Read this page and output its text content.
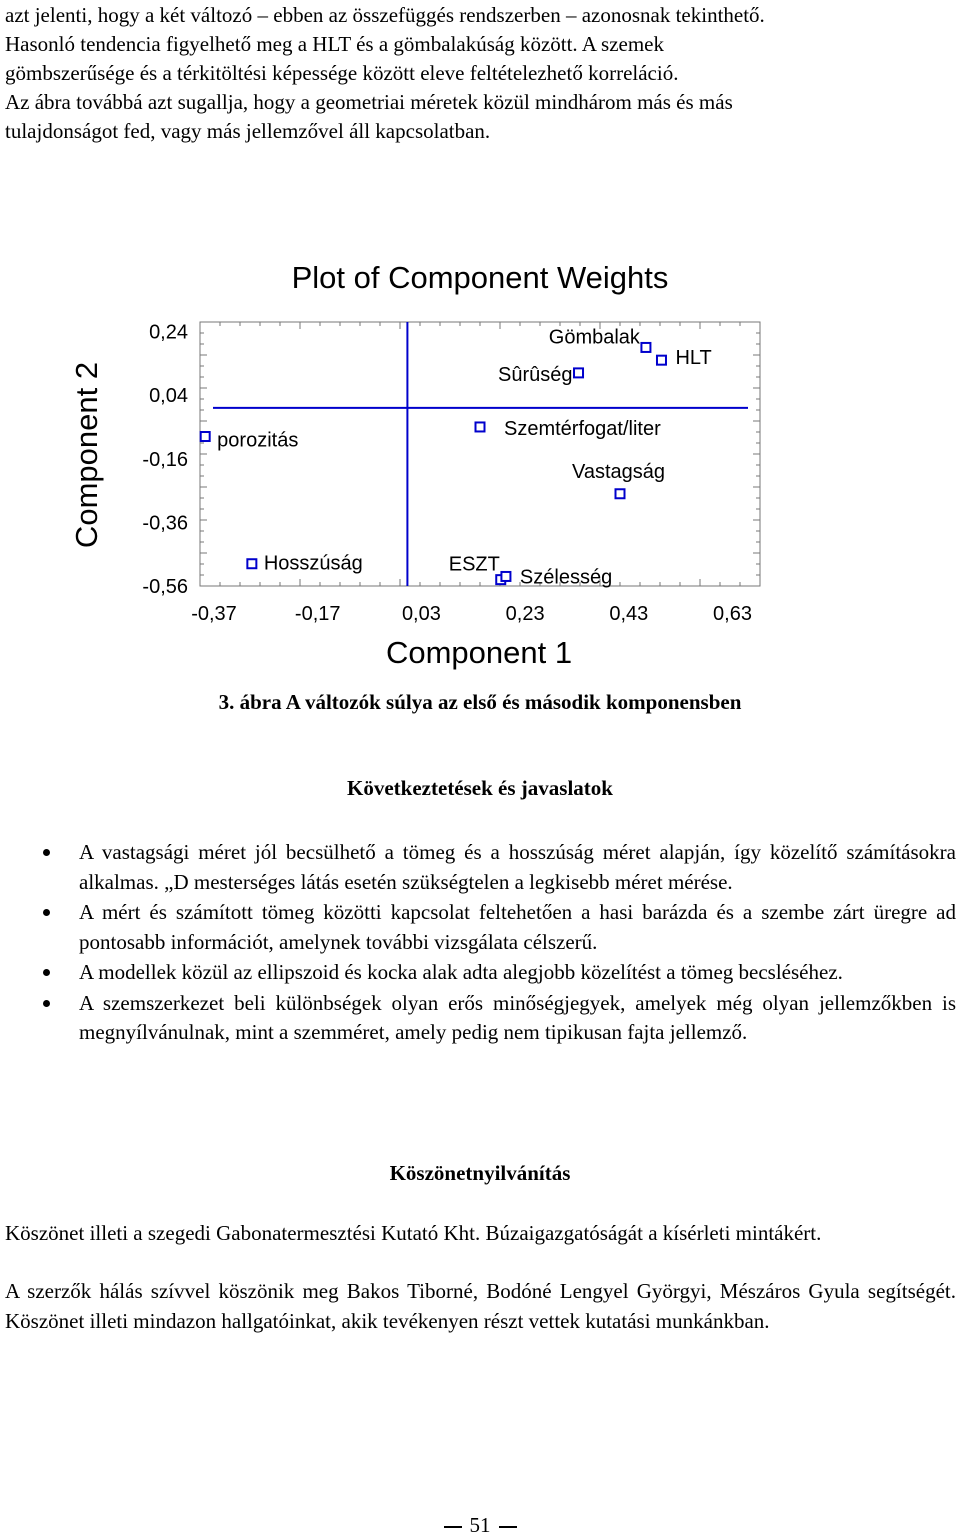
azt jelenti, hogy a két változó – ebben az összefüggés rendszerben – azonosnak tekinthető.

Hasonló tendencia figyelhető meg a HLT és a gömbalakúság között. A szemek

gömbszerűsége és a térkitöltési képessége között eleve feltételezhető korreláció.

Az ábra továbbá azt sugallja, hogy a geometriai méretek közül mindhárom más és más

tulajdonságot fed, vagy más jellemzővel áll kapcsolatban.

Plot of Component Weights
Component 2
Component 1
0,24
0,04
-0,16
-0,36
-0,56
-0,37	-0,17	0,03	0,23	0,43	0,63
Gömbalak
HLT
Sûrûség
Szemtérfogat/liter
Vastagság
porozitás
Hosszúság	ESZT
Szélesség
3. ábra A változók súlya az első és második komponensben
Következtetések és javaslatok
A vastagsági méret jól becsülhető a tömeg és a hosszúság méret alapján, így közelítő számításokra alkalmas. „D mesterséges látás esetén szükségtelen a legkisebb méret mérése.
A mért és számított tömeg közötti kapcsolat feltehetően a hasi barázda és a szembe zárt üregre ad pontosabb információt, amelynek további vizsgálata célszerű.
A modellek közül az ellipszoid és kocka alak adta alegjobb közelítést a tömeg becsléséhez.
A szemszerkezet beli különbségek olyan erős minőségjegyek, amelyek még olyan jellemzőkben is megnyílvánulnak, mint a szemméret, amely pedig nem tipikusan fajta jellemző.
Köszönetnyilvánítás

Köszönet illeti a szegedi Gabonatermesztési Kutató Kht. Búzaigazgatóságát a kísérleti mintákért.

A szerzők hálás szívvel köszönik meg Bakos Tiborné, Bodóné Lengyel Györgyi, Mészáros Gyula segítségét. Köszönet illeti mindazon hallgatóinkat, akik tevékenyen részt vettek kutatási munkánkban.

51
